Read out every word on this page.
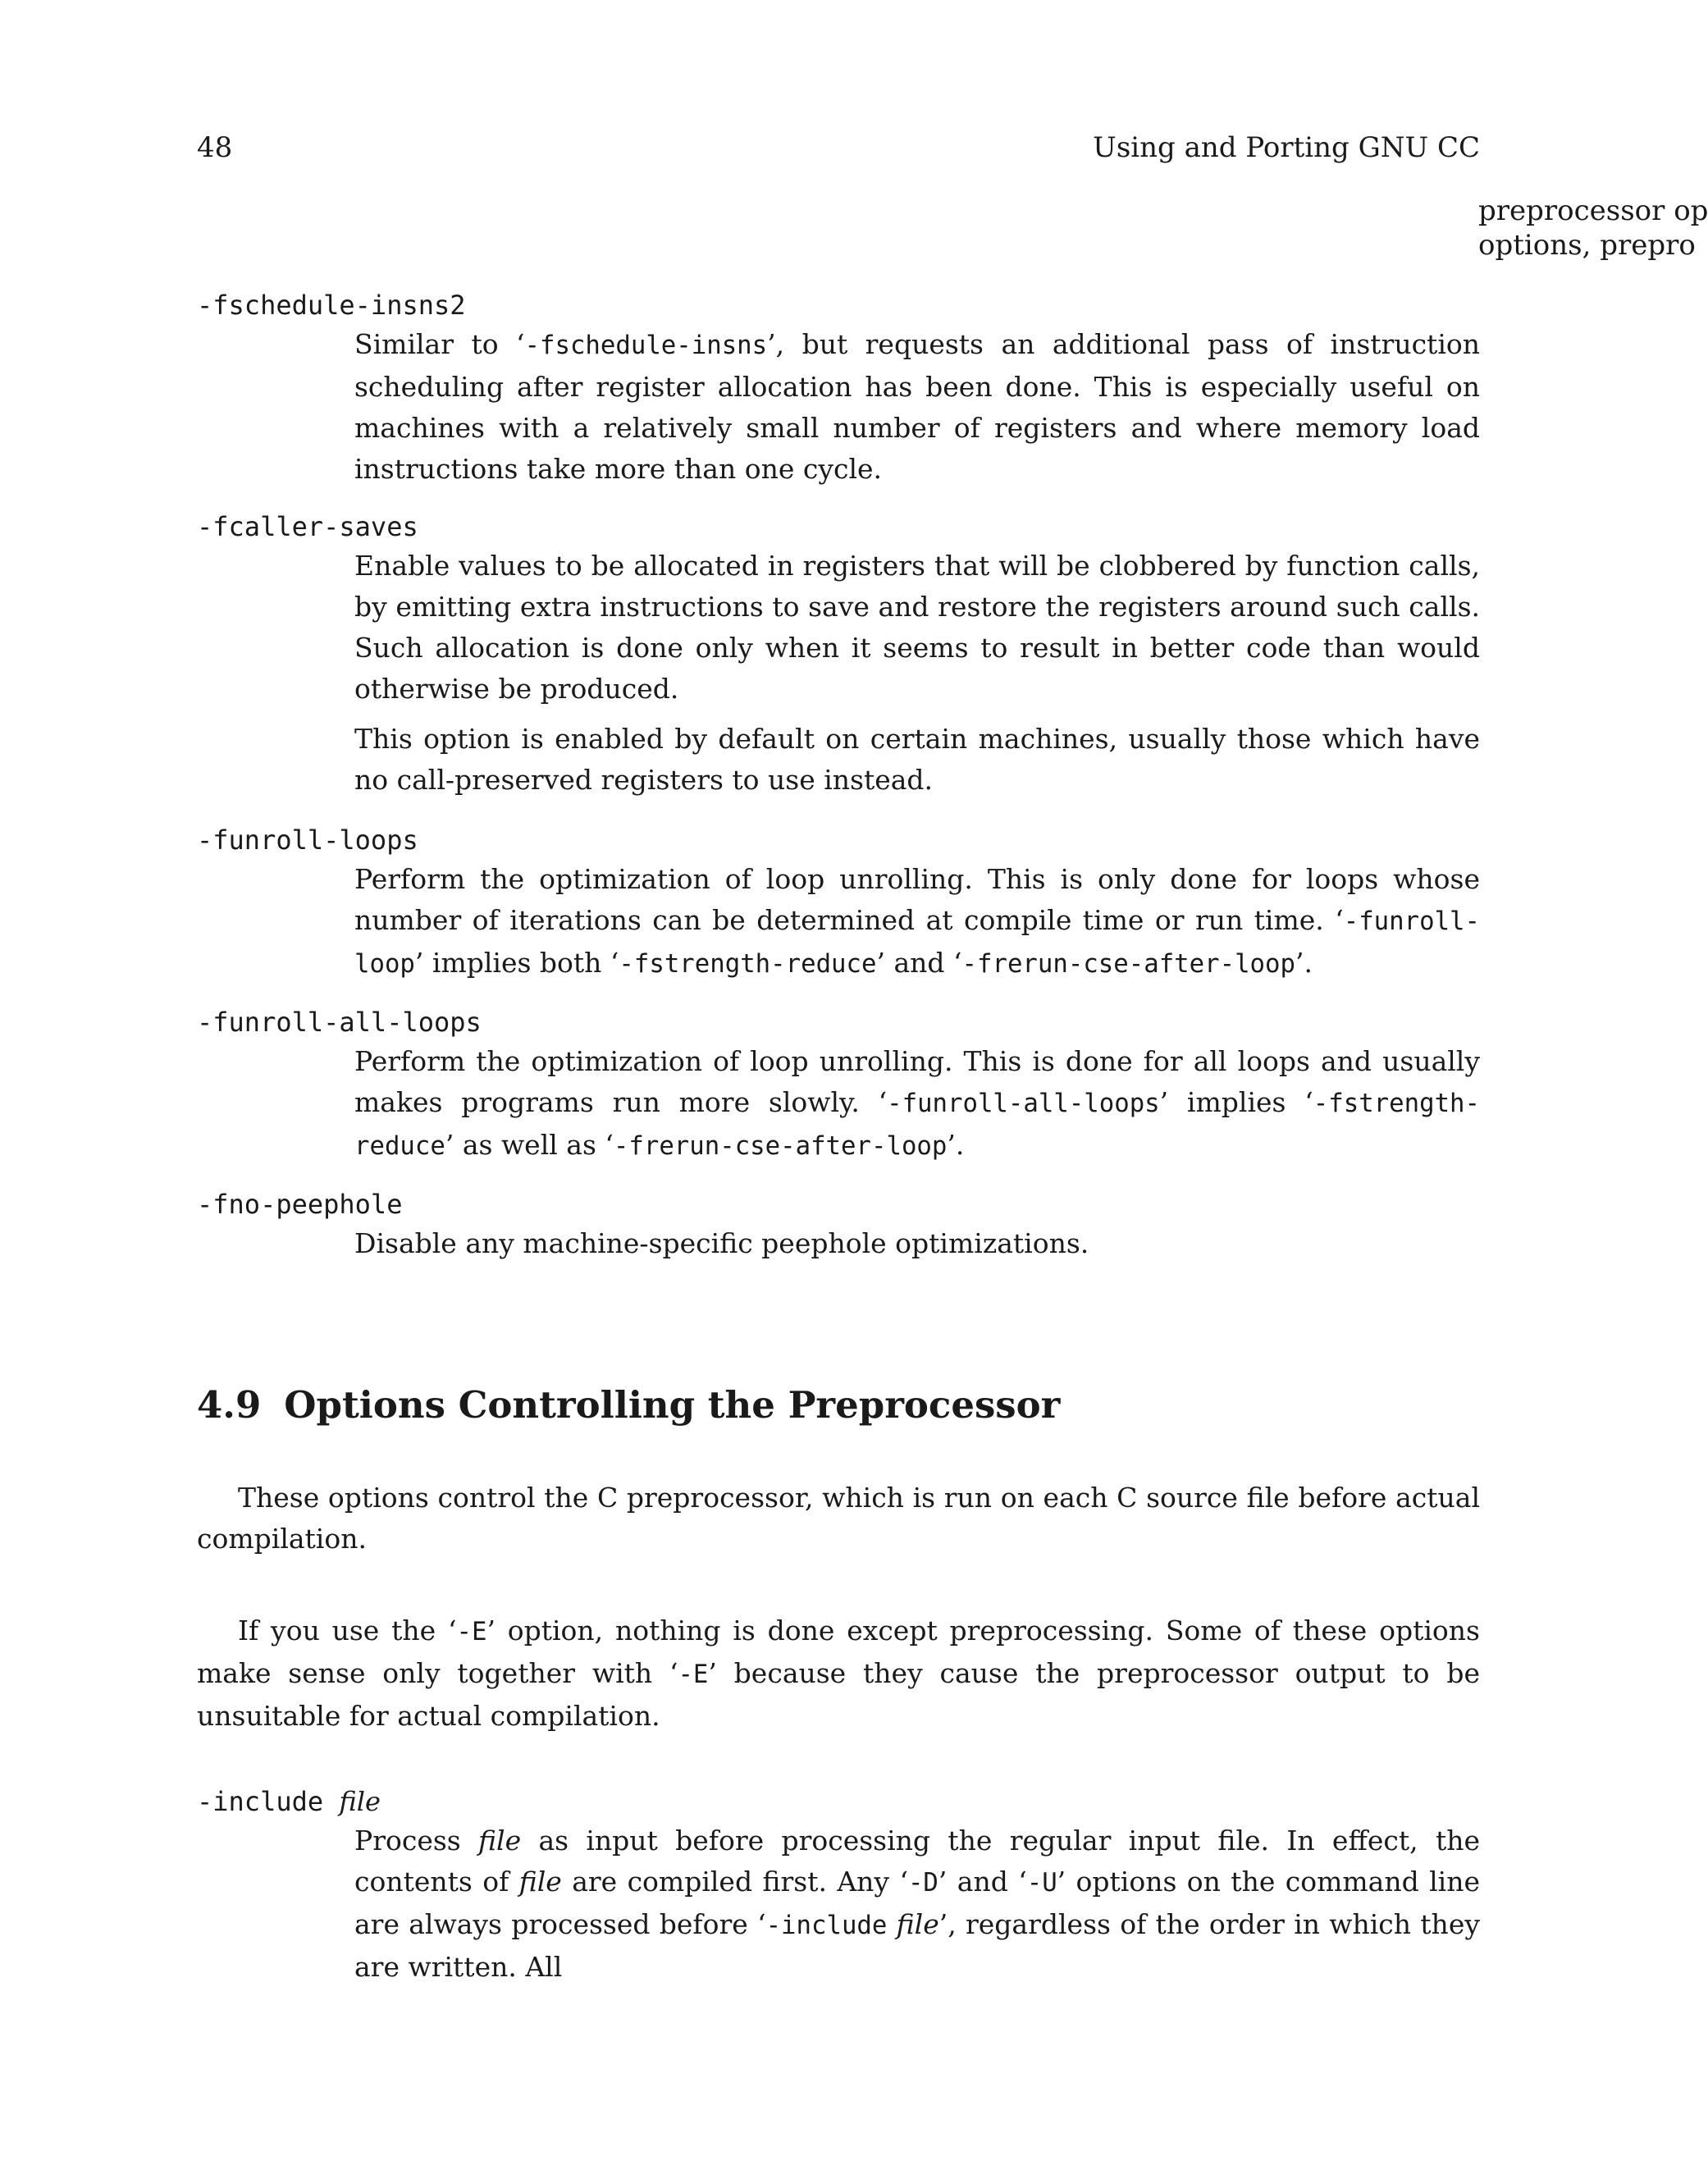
48	Using and Porting GNU CC
preprocessor op
options, prepro
-fschedule-insns2
Similar to ‘-fschedule-insns’, but requests an additional pass of instruction scheduling after register allocation has been done. This is especially useful on machines with a relatively small number of registers and where memory load instructions take more than one cycle.
-fcaller-saves
Enable values to be allocated in registers that will be clobbered by function calls, by emitting extra instructions to save and restore the registers around such calls. Such allocation is done only when it seems to result in better code than would otherwise be produced.
This option is enabled by default on certain machines, usually those which have no call-preserved registers to use instead.
-funroll-loops
Perform the optimization of loop unrolling. This is only done for loops whose number of iterations can be determined at compile time or run time. ‘-funroll-loop’ implies both ‘-fstrength-reduce’ and ‘-frerun-cse-after-loop’.
-funroll-all-loops
Perform the optimization of loop unrolling. This is done for all loops and usually makes programs run more slowly. ‘-funroll-all-loops’ implies ‘-fstrength-reduce’ as well as ‘-frerun-cse-after-loop’.
-fno-peephole
Disable any machine-specific peephole optimizations.
4.9 Options Controlling the Preprocessor
These options control the C preprocessor, which is run on each C source file before actual compilation.
If you use the ‘-E’ option, nothing is done except preprocessing. Some of these options make sense only together with ‘-E’ because they cause the preprocessor output to be unsuitable for actual compilation.
-include file
Process file as input before processing the regular input file. In effect, the contents of file are compiled first. Any ‘-D’ and ‘-U’ options on the command line are always processed before ‘-include file’, regardless of the order in which they are written. All
